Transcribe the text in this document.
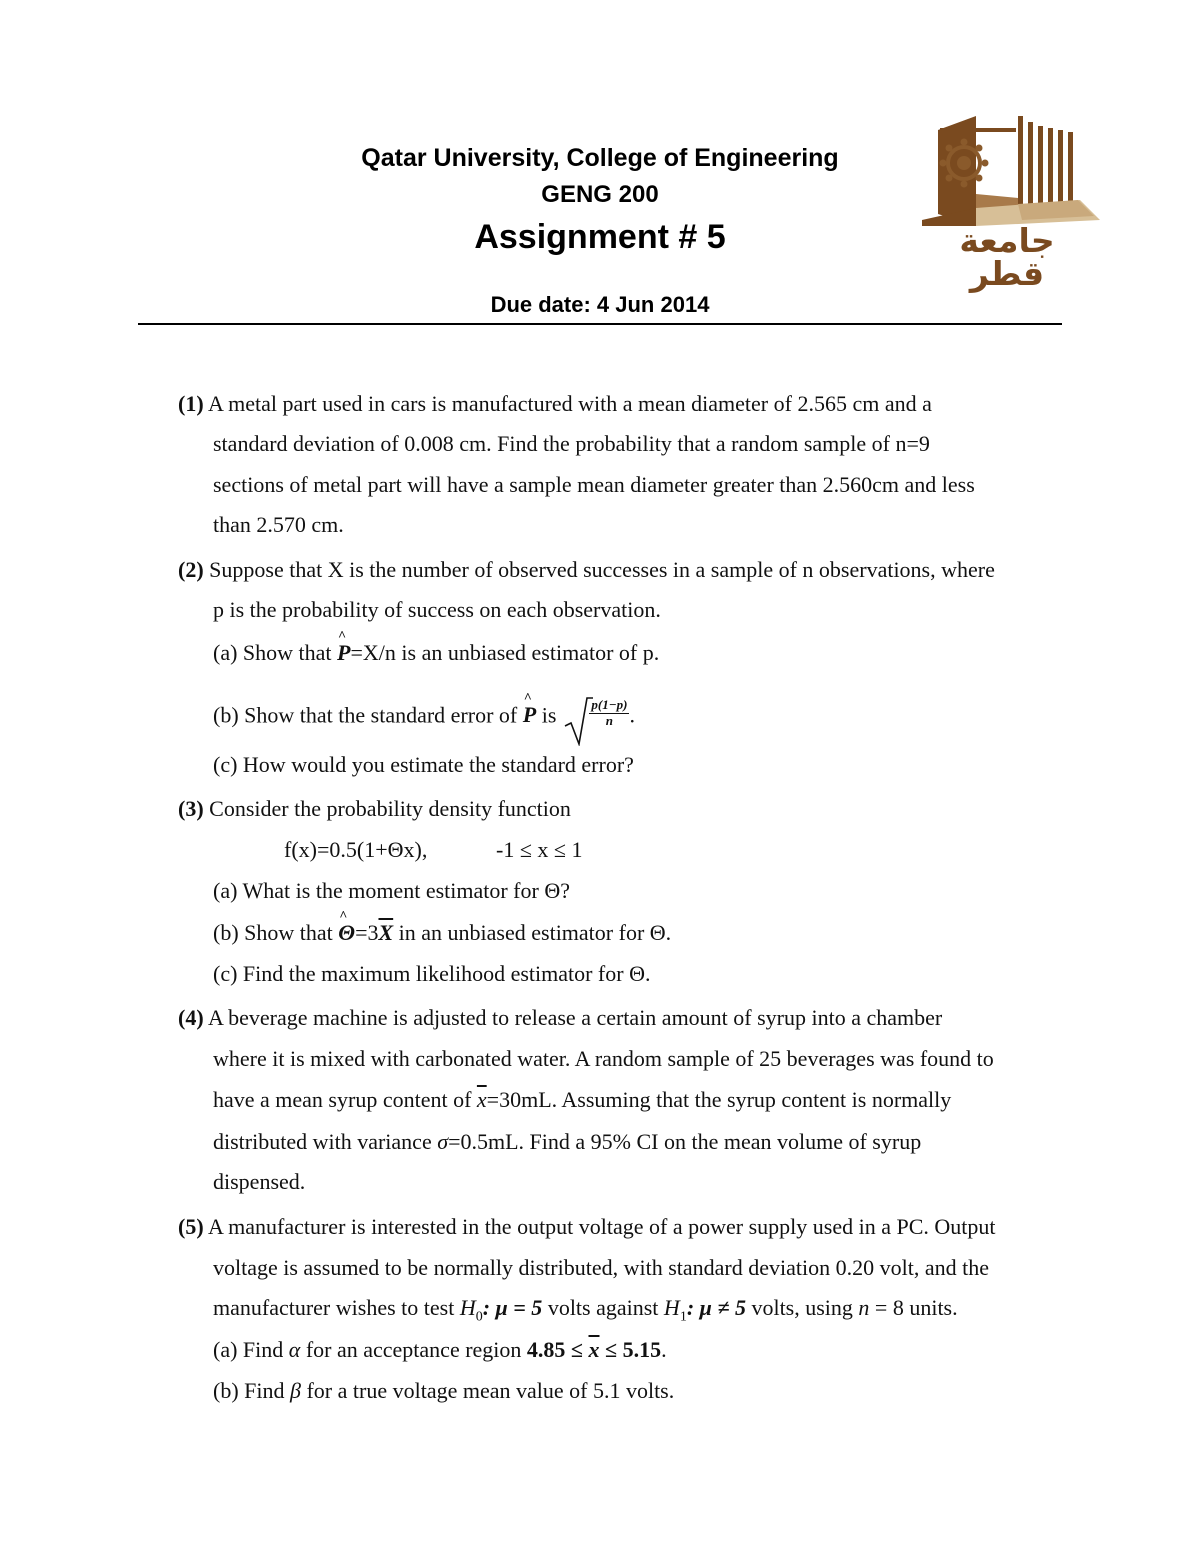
Qatar University, College of Engineering
GENG 200
Assignment # 5
Due date: 4 Jun 2014
جامعة قطر
(1) A metal part used in cars is manufactured with a mean diameter of 2.565 cm and a
standard deviation of 0.008 cm. Find the probability that a random sample of n=9
sections of metal part will have a sample mean diameter greater than 2.560cm and less
than 2.570 cm.
(2) Suppose that X is the number of observed successes in a sample of n observations, where
p is the probability of success on each observation.
(a) Show that ^ P=X/n is an unbiased estimator of p.
(b) Show that the standard error of ^ P is $\frac{p(1-p)}{n}$ .
(c) How would you estimate the standard error?
(3) Consider the probability density function
f(x)=0.5(1+Θx),	-1 ≤ x ≤ 1
(a) What is the moment estimator for Θ?
(b) Show that ^ $\Theta=3\overline{X}$ in an unbiased estimator for Θ.
(c) Find the maximum likelihood estimator for Θ.
(4) A beverage machine is adjusted to release a certain amount of syrup into a chamber
where it is mixed with carbonated water. A random sample of 25 beverages was found to
have a mean syrup content of $\overline{x}=30mL$. Assuming that the syrup content is normally
distributed with variance σ=0.5mL. Find a 95% CI on the mean volume of syrup
dispensed.
(5) A manufacturer is interested in the output voltage of a power supply used in a PC. Output
voltage is assumed to be normally distributed, with standard deviation 0.20 volt, and the
manufacturer wishes to test $H_0$: μ = 5 volts against $H_1$: μ ≠ 5 volts, using n = 8 units.
(a) Find α for an acceptance region $4.85 \le \overline{x} \le 5.15$.
(b) Find β for a true voltage mean value of 5.1 volts.
